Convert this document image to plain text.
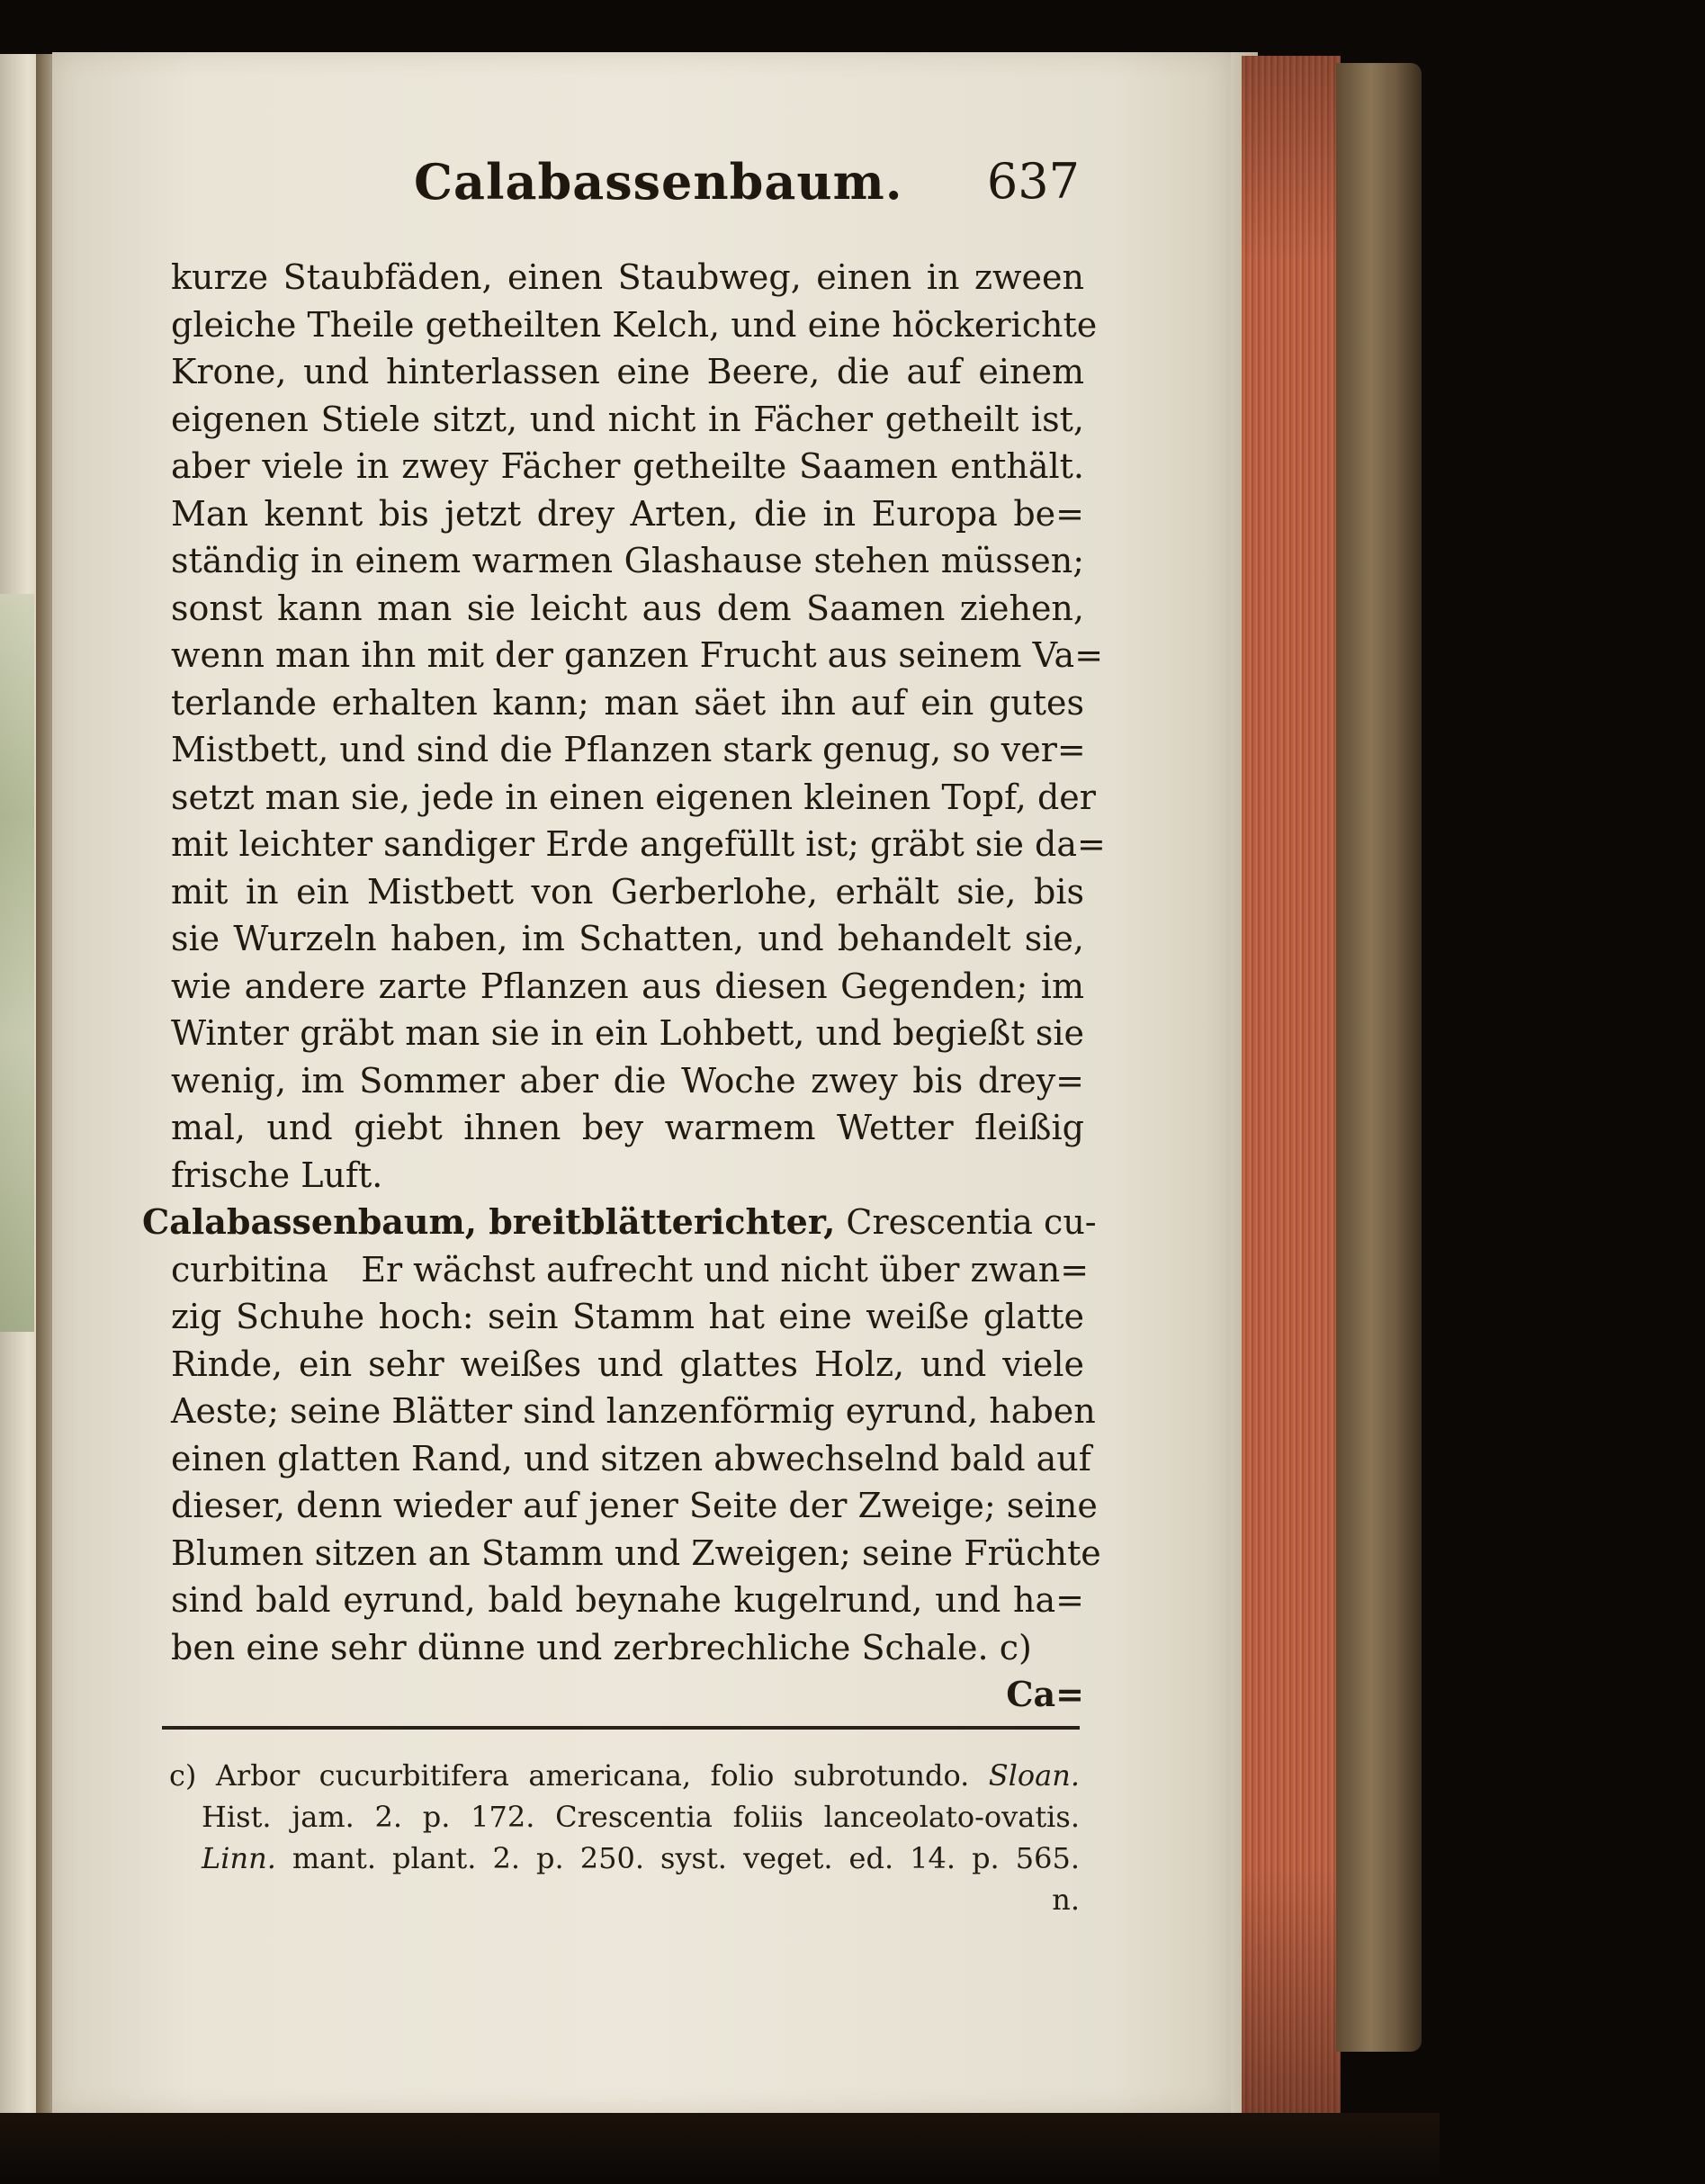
Calabassenbaum. 637
kurze Staubfäden, einen Staubweg, einen in zween
gleiche Theile getheilten Kelch, und eine höckerichte
Krone, und hinterlassen eine Beere, die auf einem
eigenen Stiele sitzt, und nicht in Fächer getheilt ist,
aber viele in zwey Fächer getheilte Saamen enthält.
Man kennt bis jetzt drey Arten, die in Europa be=
ständig in einem warmen Glashause stehen müssen;
sonst kann man sie leicht aus dem Saamen ziehen,
wenn man ihn mit der ganzen Frucht aus seinem Va=
terlande erhalten kann; man säet ihn auf ein gutes
Mistbett, und sind die Pflanzen stark genug, so ver=
setzt man sie, jede in einen eigenen kleinen Topf, der
mit leichter sandiger Erde angefüllt ist; gräbt sie da=
mit in ein Mistbett von Gerberlohe, erhält sie, bis
sie Wurzeln haben, im Schatten, und behandelt sie,
wie andere zarte Pflanzen aus diesen Gegenden; im
Winter gräbt man sie in ein Lohbett, und begießt sie
wenig, im Sommer aber die Woche zwey bis drey=
mal, und giebt ihnen bey warmem Wetter fleißig
frische Luft.
Calabassenbaum, breitblätterichter, Crescentia cu-
curbitina Er wächst aufrecht und nicht über zwan=
zig Schuhe hoch: sein Stamm hat eine weiße glatte
Rinde, ein sehr weißes und glattes Holz, und viele
Aeste; seine Blätter sind lanzenförmig eyrund, haben
einen glatten Rand, und sitzen abwechselnd bald auf
dieser, denn wieder auf jener Seite der Zweige; seine
Blumen sitzen an Stamm und Zweigen; seine Früchte
sind bald eyrund, bald beynahe kugelrund, und ha=
ben eine sehr dünne und zerbrechliche Schale. c)
Ca=
c) Arbor cucurbitifera americana, folio subrotundo. Sloan.
Hist. jam. 2. p. 172. Crescentia foliis lanceolato-ovatis.
Linn. mant. plant. 2. p. 250. syst. veget. ed. 14. p. 565.
n.
